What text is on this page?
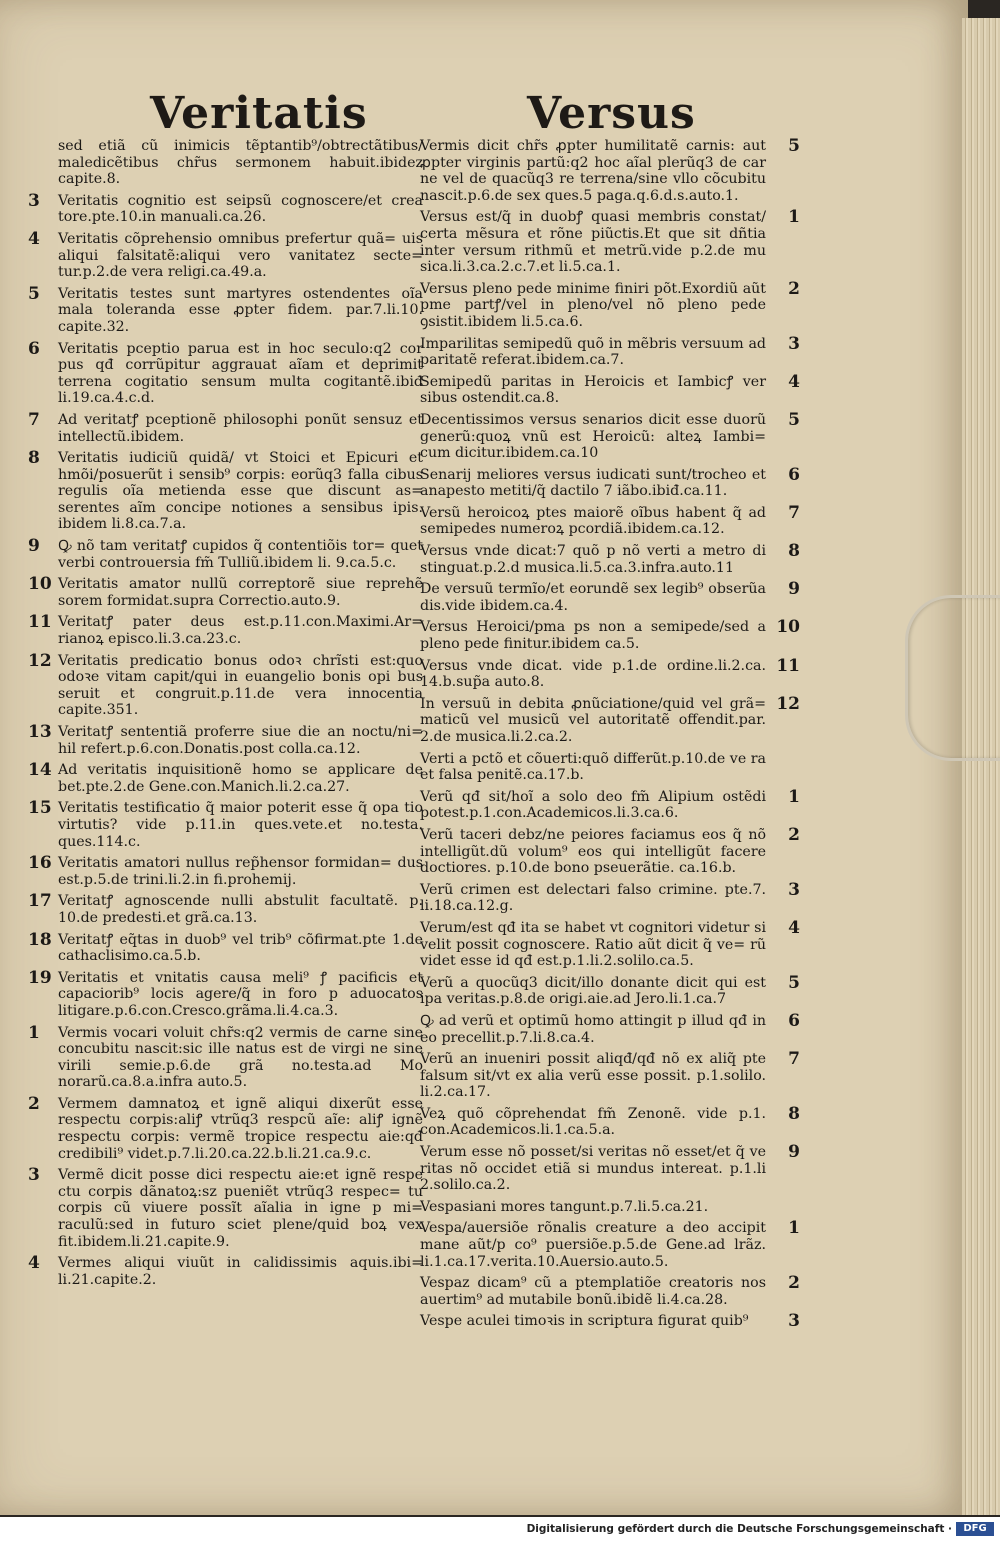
Veritatis	Versus
sed etiã cũ inimicis tẽptantib⁹/obtrectãtibus/ maledicẽtibus chr̃us sermonem habuit.ibidez capite.8.
3 Veritatis cognitio est seipsũ cognoscere/et crea tore.pte.10.in manuali.ca.26.
4 Veritatis cõprehensio omnibus prefertur quã= uis aliqui falsitatẽ:aliqui vero vanitatez secte= tur.p.2.de vera religi.ca.49.a.
5 Veritatis testes sunt martyres ostendentes oĩa mala toleranda esse ꝓpter fidem. par.7.li.10. capite.32.
6 Veritatis pceptio parua est in hoc seculo:q2 cor pus qđ corrũpitur aggrauat aĩam et deprimit terrena cogitatio sensum multa cogitantẽ.ibiđ li.19.ca.4.c.d.
7 Ad veritatꝭ pceptionẽ philosophi ponũt sensuz et intellectũ.ibidem.
8 Veritatis iudiciũ quidã/ vt Stoici et Epicuri et hmõi/posuerũt i sensib⁹ corpis: eorũq3 falla cibus regulis oĩa metienda esse que discunt as= serentes aĩm concipe notiones a sensibus ipis. ibidem li.8.ca.7.a.
9 Ꝙ nõ tam veritatꝭ cupidos q̃ contentiõis tor= quet verbi controuersia fm̃ Tulliũ.ibidem li. 9.ca.5.c.
10 Veritatis amator nullũ correptorẽ siue reprehẽ sorem formidat.supra Correctio.auto.9.
11 Veritatꝭ pater deus est.p.11.con.Maximi.Ar= rianoꝝ episco.li.3.ca.23.c.
12 Veritatis predicatio bonus odoꝛ chrĩsti est:quo odoꝛe vitam capit/qui in euangelio bonis opi bus seruit et congruit.p.11.de vera innocentia capite.351.
13 Veritatꝭ sententiã proferre siue die an noctu/ni= hil refert.p.6.con.Donatis.post colla.ca.12.
14 Ad veritatis inquisitionẽ homo se applicare de bet.pte.2.de Gene.con.Manich.li.2.ca.27.
15 Veritatis testificatio q̃ maior poterit esse q̃ opa tio virtutis? vide p.11.in ques.vete.et no.testa. ques.114.c.
16 Veritatis amatori nullus rep̃hensor formidan= dus est.p.5.de trini.li.2.in fi.prohemij.
17 Veritatꝭ agnoscende nulli abstulit facultatẽ. p. 10.de predesti.et grã.ca.13.
18 Veritatꝭ eq̃tas in duob⁹ vel trib⁹ cõfirmat.pte 1.de cathaclisimo.ca.5.b.
19 Veritatis et vnitatis causa meli⁹ ꝭ pacificis et capaciorib⁹ locis agere/q̃ in foro p aduocatos litigare.p.6.con.Cresco.grãma.li.4.ca.3.
1 Vermis vocari voluit chr̃s:q2 vermis de carne sine concubitu nascit:sic ille natus est de virgi ne sine virili semie.p.6.de grã no.testa.ad Mo norarũ.ca.8.a.infra auto.5.
2 Vermem damnatoꝝ et ignẽ aliqui dixerũt esse respectu corpis:aliꝭ vtrũq3 respcũ aĩe: aliꝭ ignẽ respectu corpis: vermẽ tropice respectu aie:qđ credibili⁹ videt.p.7.li.20.ca.22.b.li.21.ca.9.c.
3 Vermẽ dicit posse dici respectu aie:et ignẽ respe ctu corpis dãnatoꝝ:sz pueniẽt vtrũq3 respec= tu corpis cũ viuere possĩt aĩalia in igne p mi= raculũ:sed in futuro sciet plene/quid boꝝ vex fit.ibidem.li.21.capite.9.
4 Vermes aliqui viuũt in calidissimis aquis.ibi= li.21.capite.2.
5
Vermis dicit chr̃s ꝓpter humilitatẽ carnis: aut ꝓpter virginis partũ:q2 hoc aĩal plerũq3 de car ne vel de quacũq3 re terrena/sine vllo cõcubitu nascit.p.6.de sex ques.5 paga.q.6.d.s.auto.1.
1
Versus est/q̃ in duobꝭ quasi membris constat/ certa mẽsura et rõne piũctis.Et que sit dñtia inter versum rithmũ et metrũ.vide p.2.de mu sica.li.3.ca.2.c.7.et li.5.ca.1.
2
Versus pleno pede minime finiri põt.Exordiũ aũt pme partꝭ/vel in pleno/vel nõ pleno pede ꝯsistit.ibidem li.5.ca.6.
3
Imparilitas semipedũ quõ in mẽbris versuum ad paritatẽ referat.ibidem.ca.7.
4
Semipedũ paritas in Heroicis et Iambicꝭ ver sibus ostendit.ca.8.
5
Decentissimos versus senarios dicit esse duorũ generũ:quoꝝ vnũ est Heroicũ: alteꝝ Iambi= cum dicitur.ibidem.ca.10
6
Senarij meliores versus iudicati sunt/trocheo et anapesto metiti/q̃ dactilo 7 iãbo.ibiđ.ca.11.
7
Versũ heroicoꝝ ptes maiorẽ oĩbus habent q̃ ad semipedes numeroꝝ pcordiã.ibidem.ca.12.
8
Versus vnde dicat:7 quõ p nõ verti a metro di stinguat.p.2.d musica.li.5.ca.3.infra.auto.11
9
De versuũ termĩo/et eorundẽ sex legib⁹ obserũa dis.vide ibidem.ca.4.
10
Versus Heroici/pma ps non a semipede/sed a pleno pede finitur.ibidem ca.5.
11
Versus vnde dicat. vide p.1.de ordine.li.2.ca. 14.b.sup̃a auto.8.
12
In versuũ in debita ꝓnũciatione/quid vel grã= maticũ vel musicũ vel autoritatẽ offendit.par. 2.de musica.li.2.ca.2.
Verti a pctõ et cõuerti:quõ differũt.p.10.de ve ra et falsa penitẽ.ca.17.b.
1
Verũ qđ sit/hoĩ a solo deo fm̃ Alipium ostẽdi potest.p.1.con.Academicos.li.3.ca.6.
2
Verũ taceri debz/ne peiores faciamus eos q̃ nõ intelligũt.dũ volum⁹ eos qui intelligũt facere doctiores. p.10.de bono pseuerãtie. ca.16.b.
3
Verũ crimen est delectari falso crimine. pte.7. li.18.ca.12.g.
4
Verum/est qđ ita se habet vt cognitori videtur si velit possit cognoscere. Ratio aũt dicit q̃ ve= rũ videt esse id qđ est.p.1.li.2.solilo.ca.5.
5
Verũ a quocũq3 dicit/illo donante dicit qui est ipa veritas.p.8.de origi.aie.ad Jero.li.1.ca.7
6
Ꝙ ad verũ et optimũ homo attingit p illud qđ in eo precellit.p.7.li.8.ca.4.
7
Verũ an inueniri possit aliqđ/qđ nõ ex aliq̃ pte falsum sit/vt ex alia verũ esse possit. p.1.solilo. li.2.ca.17.
8
Veꝝ quõ cõprehendat fm̃ Zenonẽ. vide p.1. con.Academicos.li.1.ca.5.a.
9
Verum esse nõ posset/si veritas nõ esset/et q̃ ve ritas nõ occidet etiã si mundus intereat. p.1.li 2.solilo.ca.2.
Vespasiani mores tangunt.p.7.li.5.ca.21.
1
Vespa/auersiõe rõnalis creature a deo accipit mane aũt/p co⁹ puersiõe.p.5.de Gene.ad lrãz. li.1.ca.17.verita.10.Auersio.auto.5.
2
Vespaz dicam⁹ cũ a ptemplatiõe creatoris nos auertim⁹ ad mutabile bonũ.ibidẽ li.4.ca.28.
3
Vespe aculei timoꝛis in scriptura figurat quib⁹
Digitalisierung gefördert durch die Deutsche Forschungsgemeinschaft ·	DFG
